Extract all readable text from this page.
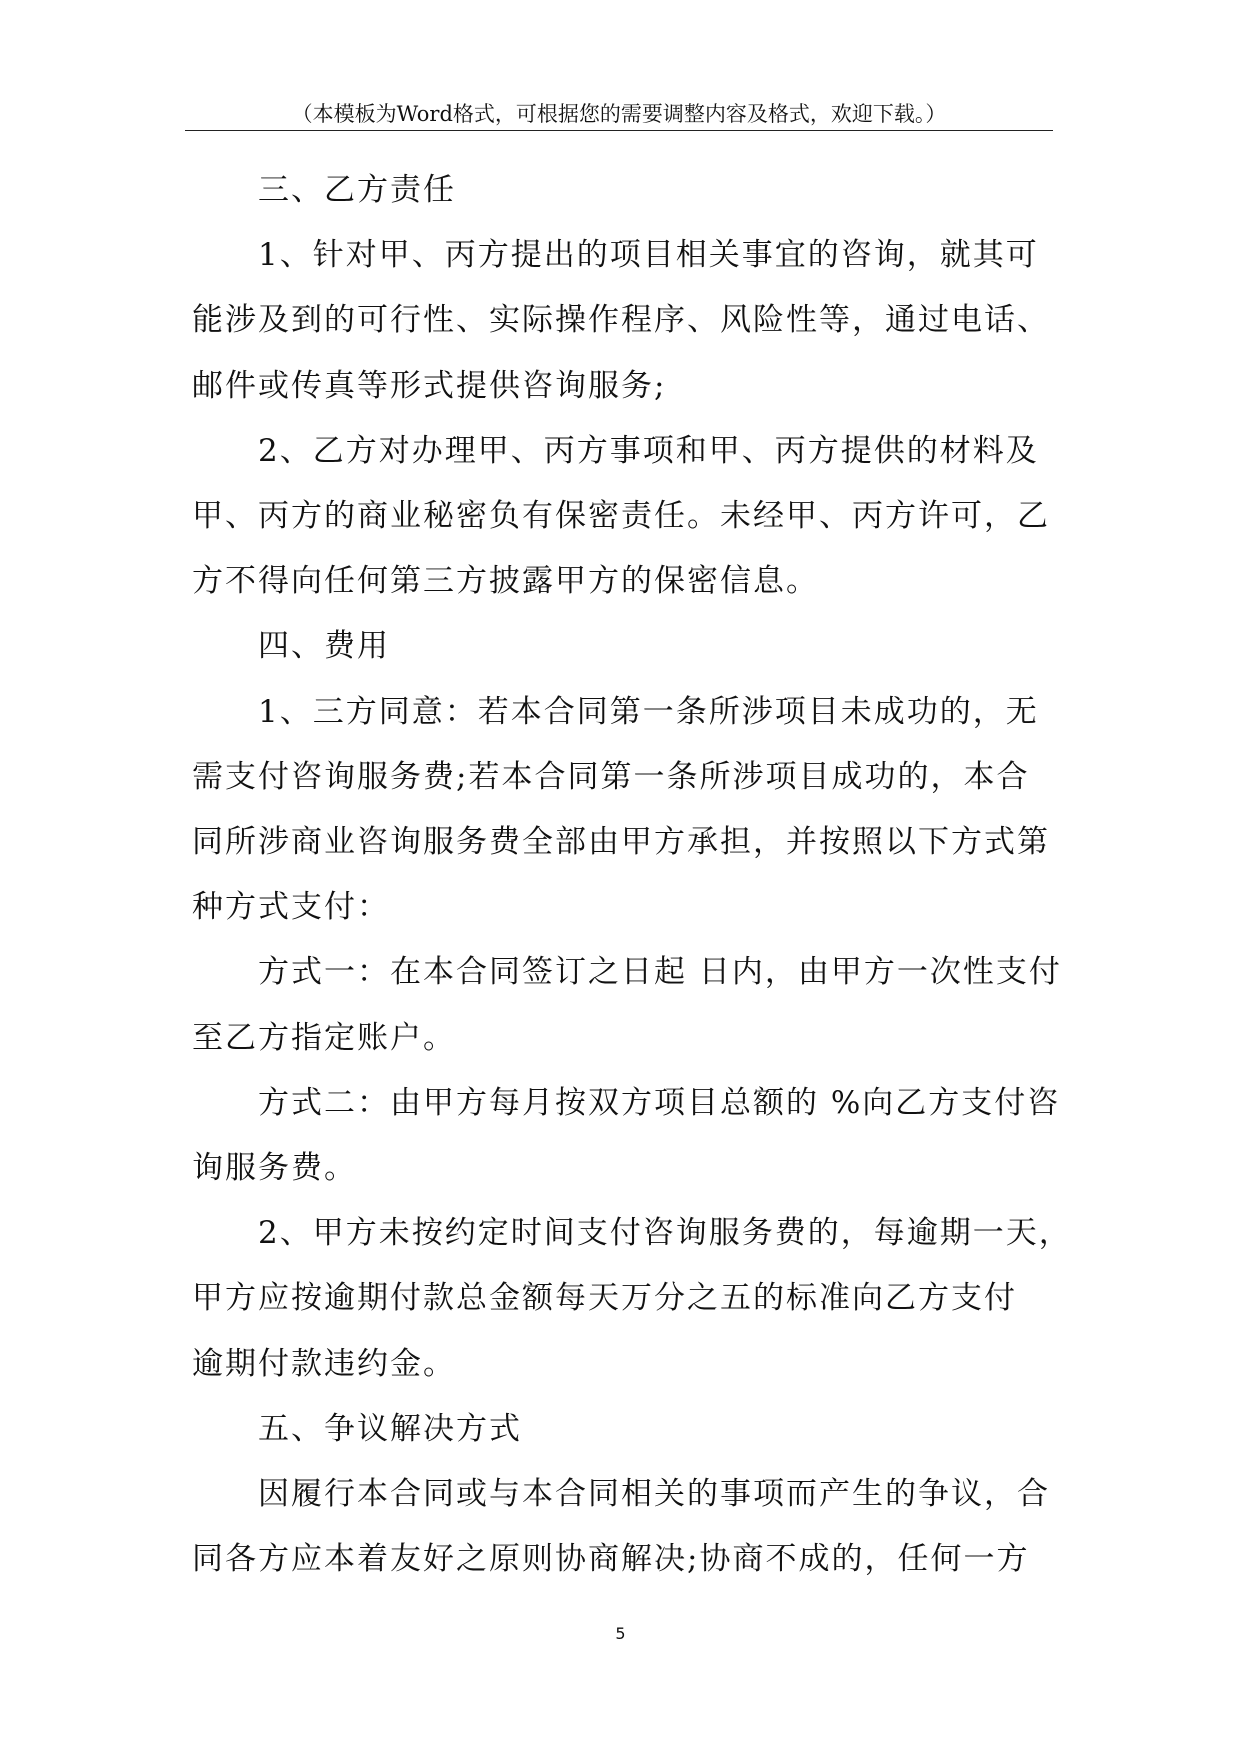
（本模板为Word格式，可根据您的需要调整内容及格式，欢迎下载。）

三、乙方责任

1、针对甲、丙方提出的项目相关事宜的咨询，就其可
能涉及到的可行性、实际操作程序、风险性等，通过电话、
邮件或传真等形式提供咨询服务;

2、乙方对办理甲、丙方事项和甲、丙方提供的材料及
甲、丙方的商业秘密负有保密责任。未经甲、丙方许可，乙
方不得向任何第三方披露甲方的保密信息。

四、费用

1、三方同意：若本合同第一条所涉项目未成功的，无
需支付咨询服务费;若本合同第一条所涉项目成功的，本合
同所涉商业咨询服务费全部由甲方承担，并按照以下方式第
种方式支付：

方式一：在本合同签订之日起 日内，由甲方一次性支付
至乙方指定账户。

方式二：由甲方每月按双方项目总额的 %向乙方支付咨
询服务费。

2、甲方未按约定时间支付咨询服务费的，每逾期一天，
甲方应按逾期付款总金额每天万分之五的标准向乙方支付
逾期付款违约金。

五、争议解决方式

因履行本合同或与本合同相关的事项而产生的争议，合
同各方应本着友好之原则协商解决;协商不成的，任何一方

5
